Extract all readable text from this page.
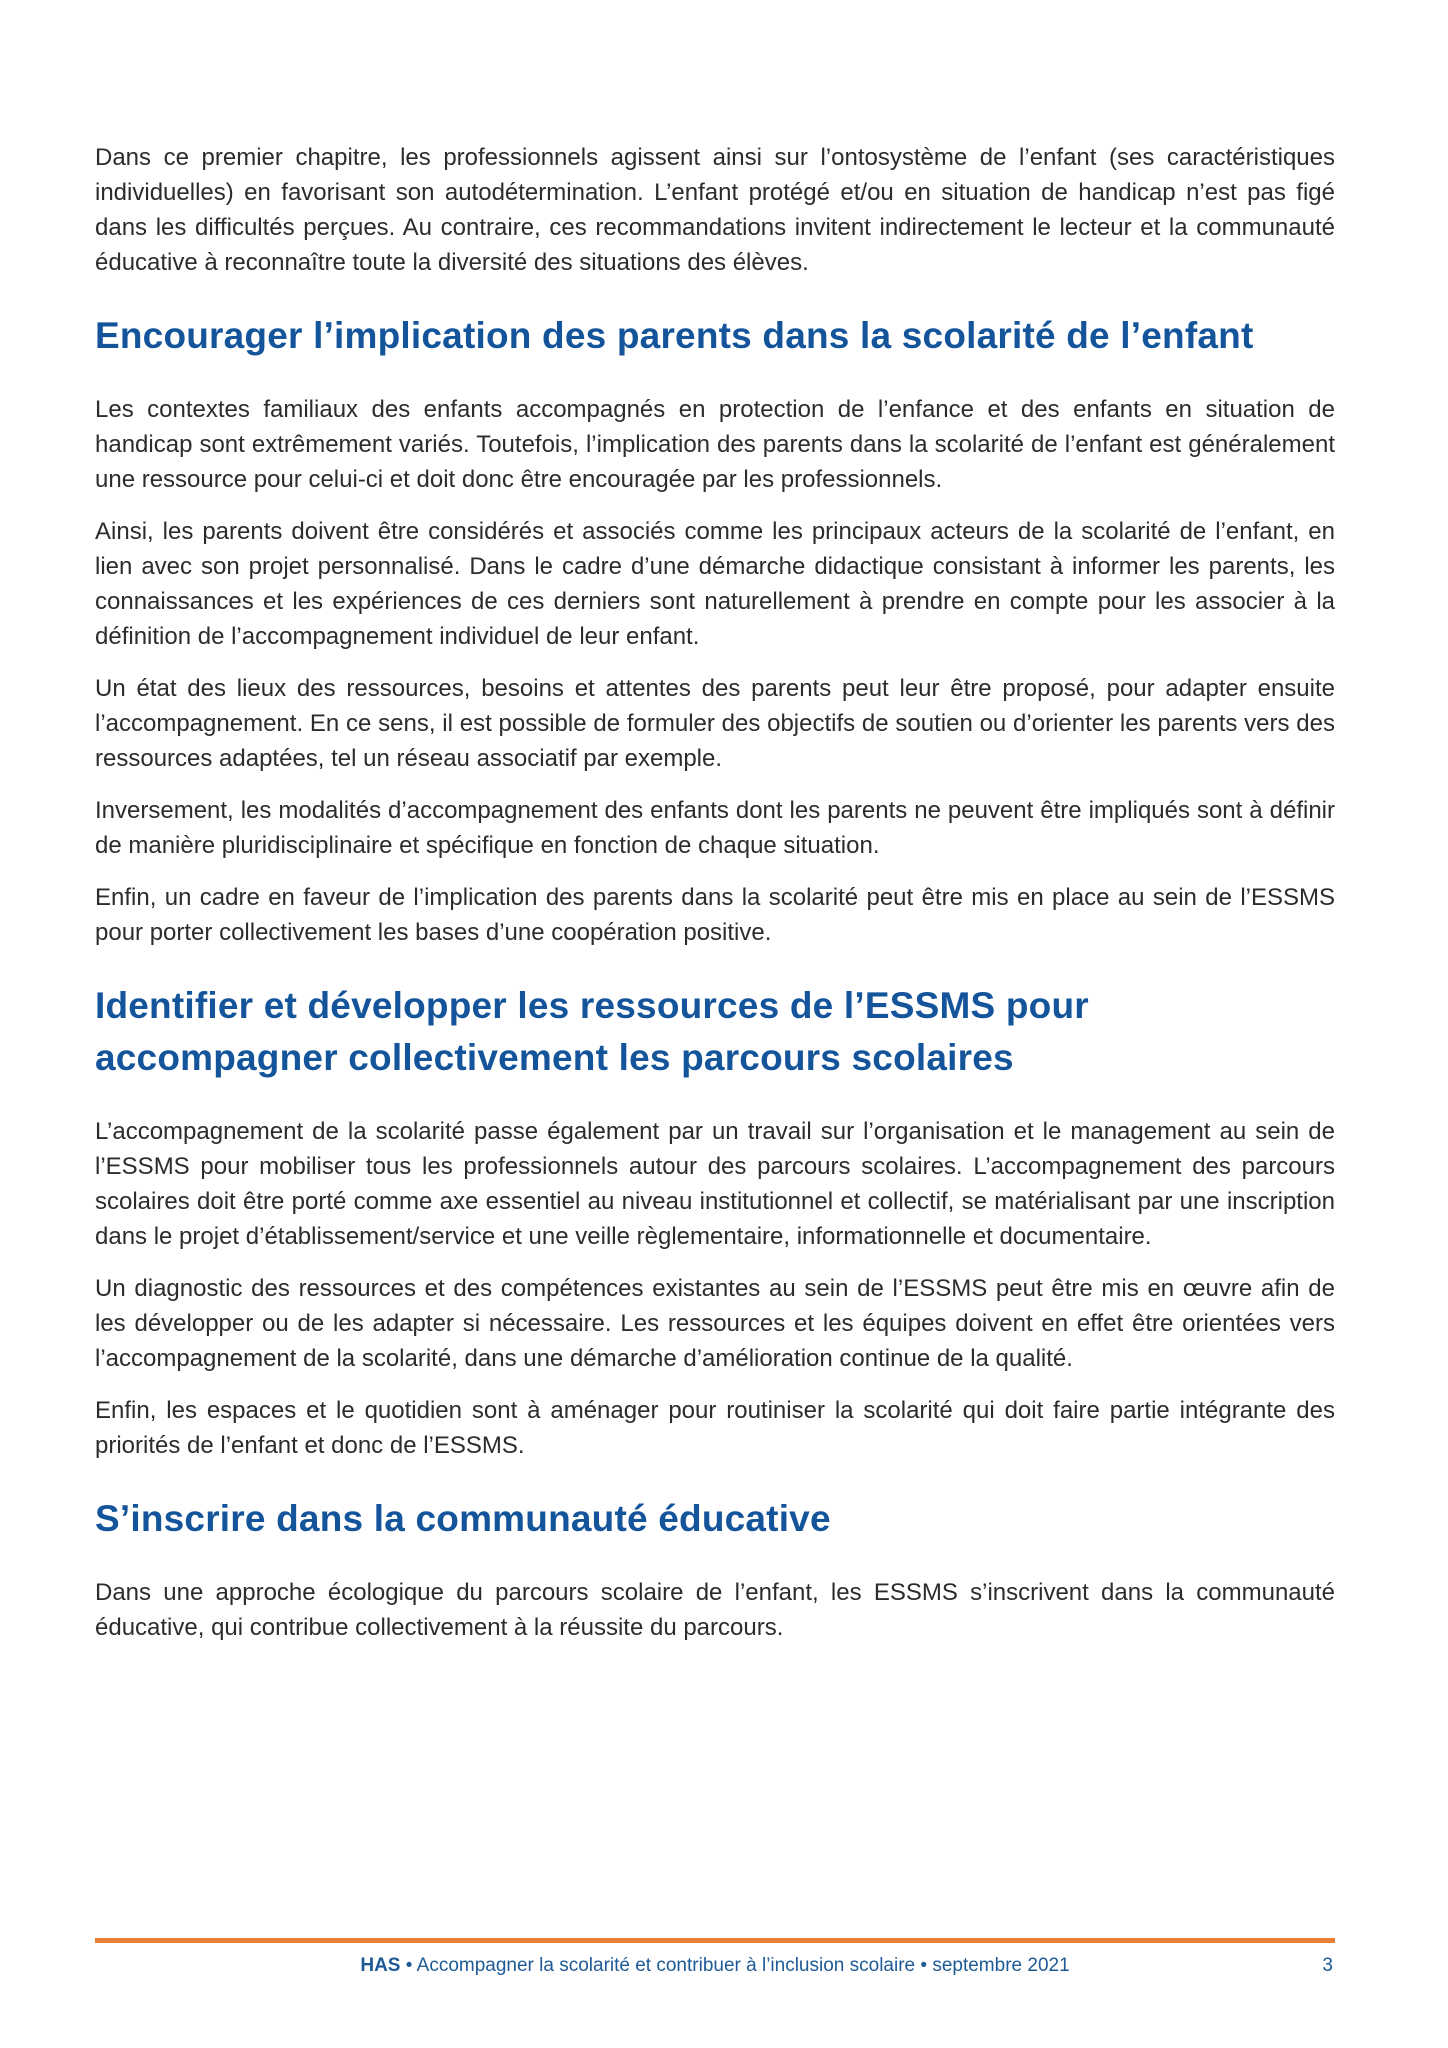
Dans ce premier chapitre, les professionnels agissent ainsi sur l’ontosystème de l’enfant (ses caractéristiques individuelles) en favorisant son autodétermination. L’enfant protégé et/ou en situation de handicap n’est pas figé dans les difficultés perçues. Au contraire, ces recommandations invitent indirectement le lecteur et la communauté éducative à reconnaître toute la diversité des situations des élèves.

Encourager l’implication des parents dans la scolarité de l’enfant

Les contextes familiaux des enfants accompagnés en protection de l’enfance et des enfants en situation de handicap sont extrêmement variés. Toutefois, l’implication des parents dans la scolarité de l’enfant est généralement une ressource pour celui-ci et doit donc être encouragée par les professionnels.

Ainsi, les parents doivent être considérés et associés comme les principaux acteurs de la scolarité de l’enfant, en lien avec son projet personnalisé. Dans le cadre d’une démarche didactique consistant à informer les parents, les connaissances et les expériences de ces derniers sont naturellement à prendre en compte pour les associer à la définition de l’accompagnement individuel de leur enfant.

Un état des lieux des ressources, besoins et attentes des parents peut leur être proposé, pour adapter ensuite l’accompagnement. En ce sens, il est possible de formuler des objectifs de soutien ou d’orienter les parents vers des ressources adaptées, tel un réseau associatif par exemple.

Inversement, les modalités d’accompagnement des enfants dont les parents ne peuvent être impliqués sont à définir de manière pluridisciplinaire et spécifique en fonction de chaque situation.

Enfin, un cadre en faveur de l’implication des parents dans la scolarité peut être mis en place au sein de l’ESSMS pour porter collectivement les bases d’une coopération positive.

Identifier et développer les ressources de l’ESSMS pour accompagner collectivement les parcours scolaires

L’accompagnement de la scolarité passe également par un travail sur l’organisation et le management au sein de l’ESSMS pour mobiliser tous les professionnels autour des parcours scolaires. L’accompagnement des parcours scolaires doit être porté comme axe essentiel au niveau institutionnel et collectif, se matérialisant par une inscription dans le projet d’établissement/service et une veille règlementaire, informationnelle et documentaire.

Un diagnostic des ressources et des compétences existantes au sein de l’ESSMS peut être mis en œuvre afin de les développer ou de les adapter si nécessaire. Les ressources et les équipes doivent en effet être orientées vers l’accompagnement de la scolarité, dans une démarche d’amélioration continue de la qualité.

Enfin, les espaces et le quotidien sont à aménager pour routiniser la scolarité qui doit faire partie intégrante des priorités de l’enfant et donc de l’ESSMS.

S’inscrire dans la communauté éducative

Dans une approche écologique du parcours scolaire de l’enfant, les ESSMS s’inscrivent dans la communauté éducative, qui contribue collectivement à la réussite du parcours.

HAS • Accompagner la scolarité et contribuer à l’inclusion scolaire • septembre 2021	3
